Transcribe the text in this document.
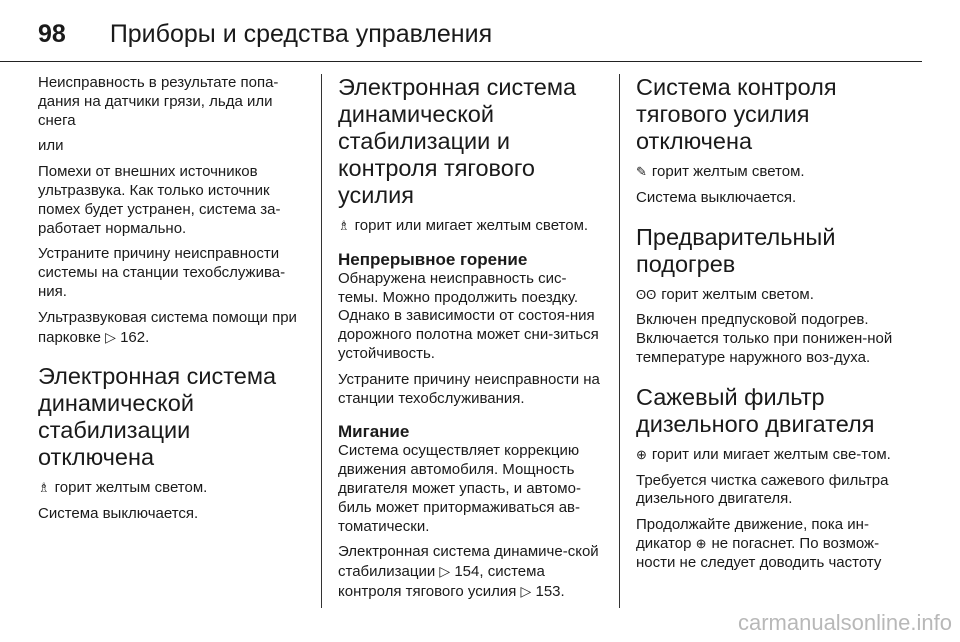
98 Приборы и средства управления

Неисправность в результате попа-дания на датчики грязи, льда или снега

или

Помехи от внешних источников ультразвука. Как только источник помех будет устранен, система за-работает нормально.

Устраните причину неисправности системы на станции техобслужива-ния.

Ультразвуковая система помощи при парковке ▷ 162.

Электронная система динамической стабилизации отключена

♗ горит желтым светом.

Система выключается.

Электронная система динамической стабилизации и контроля тягового усилия

♗ горит или мигает желтым светом.

Непрерывное горение

Обнаружена неисправность сис-темы. Можно продолжить поездку. Однако в зависимости от состоя-ния дорожного полотна может сни-зиться устойчивость.

Устраните причину неисправности на станции техобслуживания.

Мигание

Система осуществляет коррекцию движения автомобиля. Мощность двигателя может упасть, и автомо-биль может притормаживаться ав-томатически.

Электронная система динамиче-ской стабилизации ▷ 154, система контроля тягового усилия ▷ 153.

Система контроля тягового усилия отключена

✎ горит желтым светом.

Система выключается.

Предварительный подогрев

ʘʘ горит желтым светом.

Включен предпусковой подогрев. Включается только при понижен-ной температуре наружного воз-духа.

Сажевый фильтр дизельного двигателя

⊕ горит или мигает желтым све-том.

Требуется чистка сажевого фильтра дизельного двигателя.

Продолжайте движение, пока ин-дикатор ⊕ не погаснет. По возмож-ности не следует доводить частоту

carmanualsonline.info
